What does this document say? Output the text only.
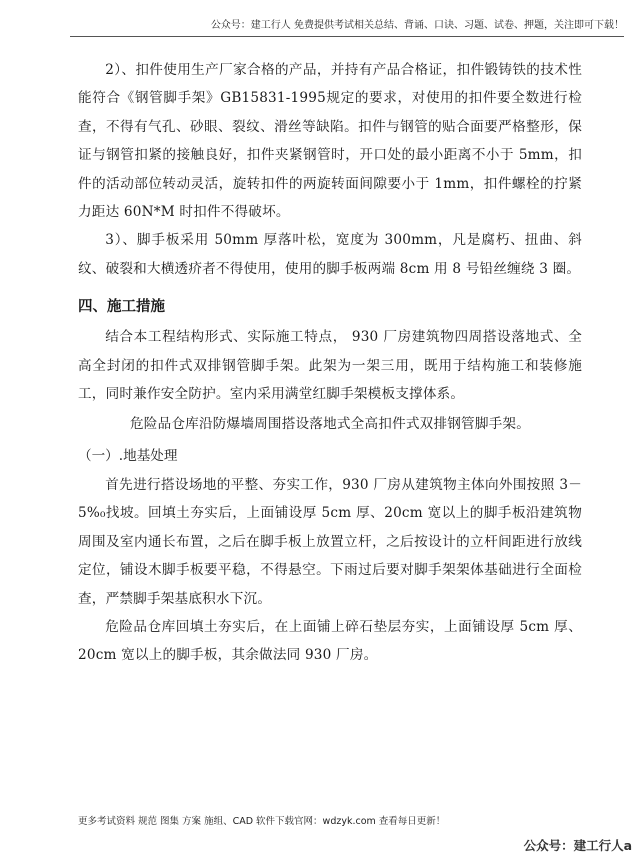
公众号：建工行人 免费提供考试相关总结、背诵、口诀、习题、试卷、押题，关注即可下载！

2）、扣件使用生产厂家合格的产品，并持有产品合格证，扣件锻铸铁的技术性能符合《钢管脚手架》GB15831-1995规定的要求，对使用的扣件要全数进行检查，不得有气孔、砂眼、裂纹、滑丝等缺陷。扣件与钢管的贴合面要严格整形，保证与钢管扣紧的接触良好，扣件夹紧钢管时，开口处的最小距离不小于 5mm，扣件的活动部位转动灵活，旋转扣件的两旋转面间隙要小于 1mm，扣件螺栓的拧紧力距达 60N*M 时扣件不得破坏。

3）、脚手板采用 50mm 厚落叶松，宽度为 300mm，凡是腐朽、扭曲、斜纹、破裂和大横透疥者不得使用，使用的脚手板两端 8cm 用 8 号铅丝缠绕 3 圈。

四、施工措施

结合本工程结构形式、实际施工特点， 930 厂房建筑物四周搭设落地式、全高全封闭的扣件式双排钢管脚手架。此架为一架三用，既用于结构施工和装修施工，同时兼作安全防护。室内采用满堂红脚手架模板支撑体系。

危险品仓库沿防爆墙周围搭设落地式全高扣件式双排钢管脚手架。

（一）.地基处理

首先进行搭设场地的平整、夯实工作，930 厂房从建筑物主体向外围按照 3－5%₀找坡。回填土夯实后，上面铺设厚 5cm 厚、20cm 宽以上的脚手板沿建筑物周围及室内通长布置，之后在脚手板上放置立杆，之后按设计的立杆间距进行放线定位，铺设木脚手板要平稳，不得悬空。下雨过后要对脚手架架体基础进行全面检查，严禁脚手架基底积水下沉。

危险品仓库回填土夯实后，在上面铺上碎石垫层夯实，上面铺设厚 5cm 厚、20cm 宽以上的脚手板，其余做法同 930 厂房。

更多考试资料 规范 图集 方案 施组、CAD 软件下载官网：wdzyk.com 查看每日更新！
公众号：建工行人a
